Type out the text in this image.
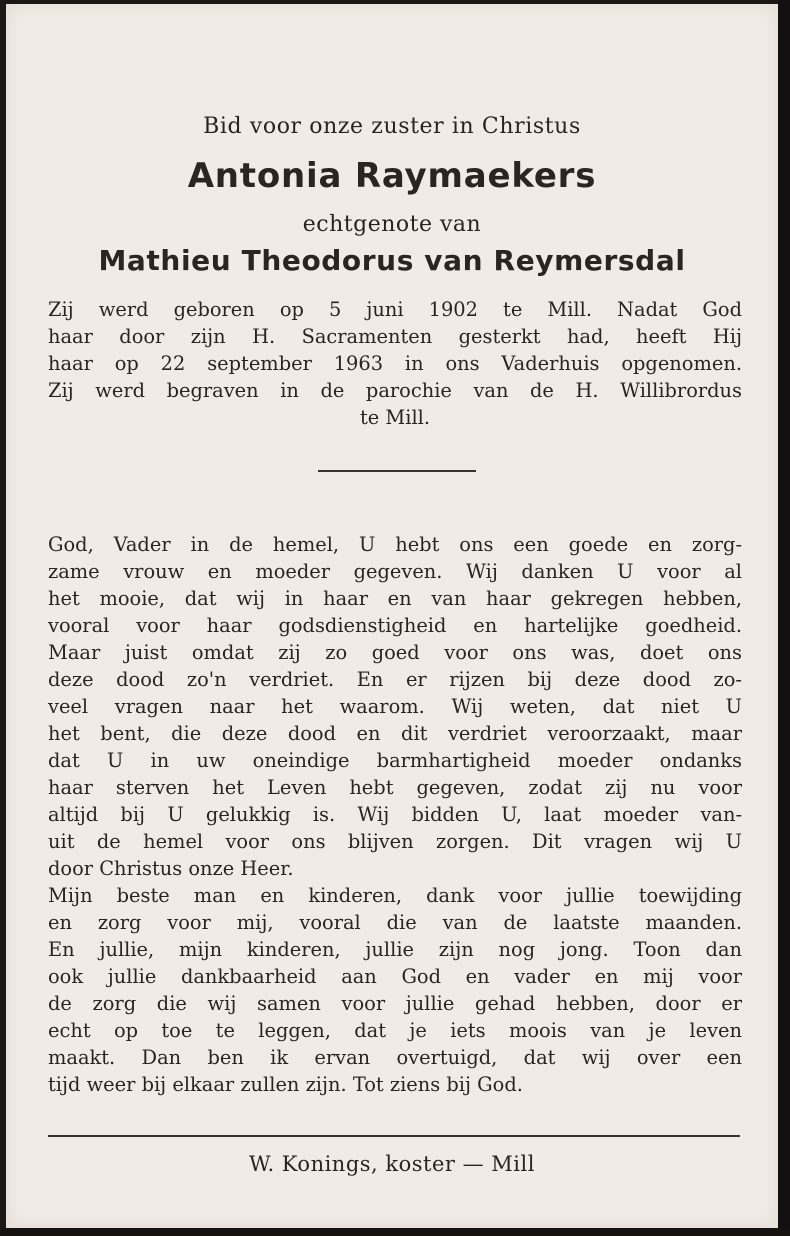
Bid voor onze zuster in Christus
Antonia Raymaekers
echtgenote van
Mathieu Theodorus van Reymersdal
Zij werd geboren op 5 juni 1902 te Mill. Nadat God
haar door zijn H. Sacramenten gesterkt had, heeft Hij
haar op 22 september 1963 in ons Vaderhuis opgenomen.
Zij werd begraven in de parochie van de H. Willibrordus
te Mill.
God, Vader in de hemel, U hebt ons een goede en zorg-
zame vrouw en moeder gegeven. Wij danken U voor al
het mooie, dat wij in haar en van haar gekregen hebben,
vooral voor haar godsdienstigheid en hartelijke goedheid.
Maar juist omdat zij zo goed voor ons was, doet ons
deze dood zo'n verdriet. En er rijzen bij deze dood zo-
veel vragen naar het waarom. Wij weten, dat niet U
het bent, die deze dood en dit verdriet veroorzaakt, maar
dat U in uw oneindige barmhartigheid moeder ondanks
haar sterven het Leven hebt gegeven, zodat zij nu voor
altijd bij U gelukkig is. Wij bidden U, laat moeder van-
uit de hemel voor ons blijven zorgen. Dit vragen wij U
door Christus onze Heer.
Mijn beste man en kinderen, dank voor jullie toewijding
en zorg voor mij, vooral die van de laatste maanden.
En jullie, mijn kinderen, jullie zijn nog jong. Toon dan
ook jullie dankbaarheid aan God en vader en mij voor
de zorg die wij samen voor jullie gehad hebben, door er
echt op toe te leggen, dat je iets moois van je leven
maakt. Dan ben ik ervan overtuigd, dat wij over een
tijd weer bij elkaar zullen zijn. Tot ziens bij God.
W. Konings, koster — Mill
